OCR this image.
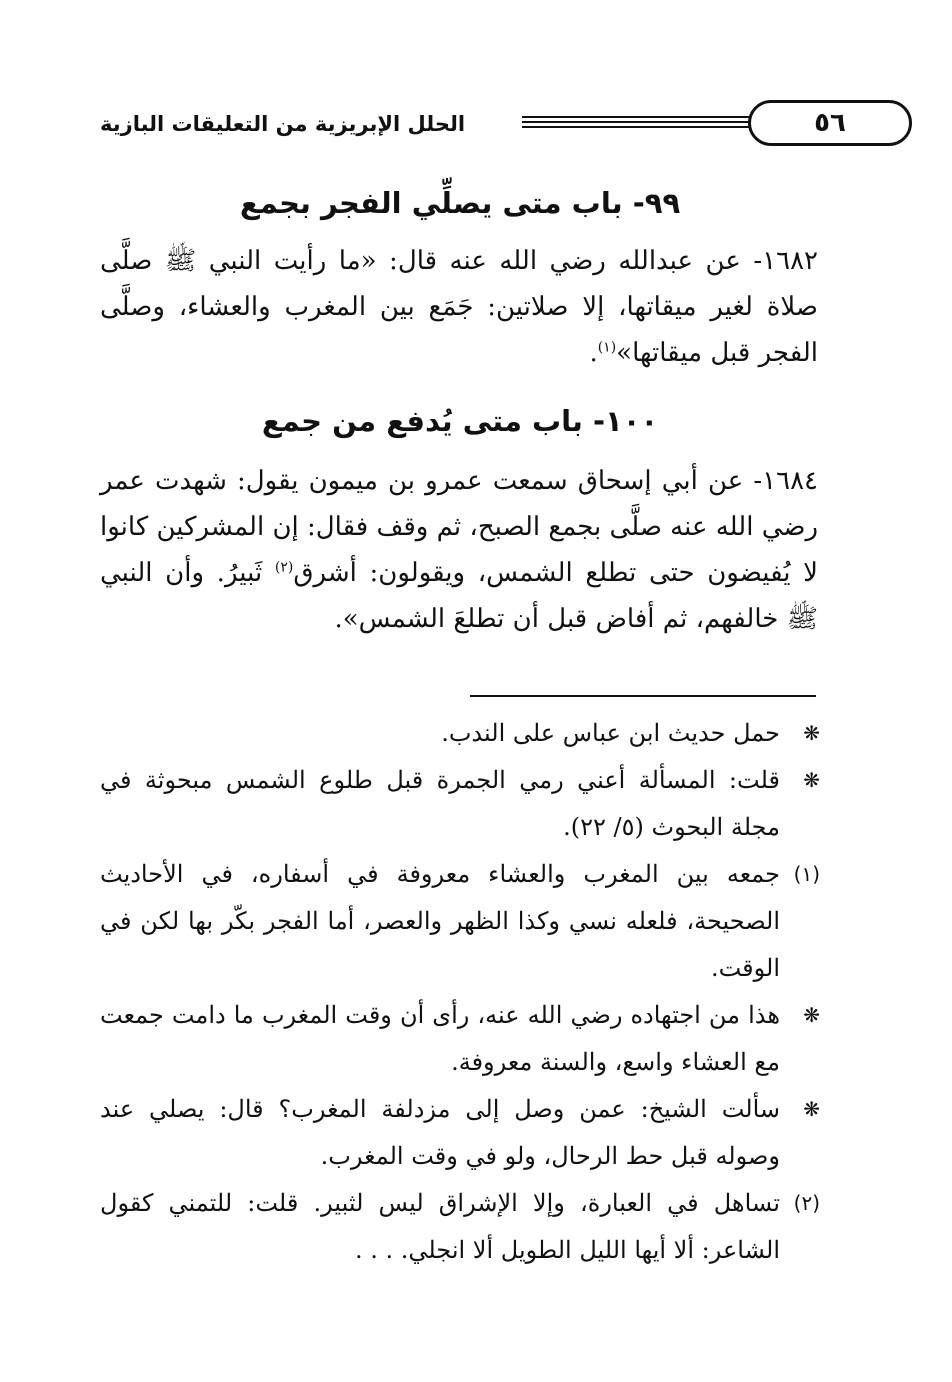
٥٦
الحلل الإبريزية من التعليقات البازية
٩٩- باب متى يصلِّي الفجر بجمع

١٦٨٢- عن عبدالله رضي الله عنه قال: «ما رأيت النبي ﷺ صلَّى صلاة لغير ميقاتها، إلا صلاتين: جَمَع بين المغرب والعشاء، وصلَّى الفجر قبل ميقاتها»$^{(١)}$.

١٠٠- باب متى يُدفع من جمع

١٦٨٤- عن أبي إسحاق سمعت عمرو بن ميمون يقول: شهدت عمر رضي الله عنه صلَّى بجمع الصبح، ثم وقف فقال: إن المشركين كانوا لا يُفيضون حتى تطلع الشمس، ويقولون: أشرق$^{(٢)}$ ثَبيرُ. وأن النبي ﷺ خالفهم، ثم أفاض قبل أن تطلعَ الشمس».

❋
حمل حديث ابن عباس على الندب.
❋
قلت: المسألة أعني رمي الجمرة قبل طلوع الشمس مبحوثة في مجلة البحوث (٥/ ٢٢).
(١)
جمعه بين المغرب والعشاء معروفة في أسفاره، في الأحاديث الصحيحة، فلعله نسي وكذا الظهر والعصر، أما الفجر بكّر بها لكن في الوقت.
❋
هذا من اجتهاده رضي الله عنه، رأى أن وقت المغرب ما دامت جمعت مع العشاء واسع، والسنة معروفة.
❋
سألت الشيخ: عمن وصل إلى مزدلفة المغرب؟ قال: يصلي عند وصوله قبل حط الرحال، ولو في وقت المغرب.
(٢)
تساهل في العبارة، وإلا الإشراق ليس لثبير. قلت: للتمني كقول الشاعر: ألا أيها الليل الطويل ألا انجلي. . . .
